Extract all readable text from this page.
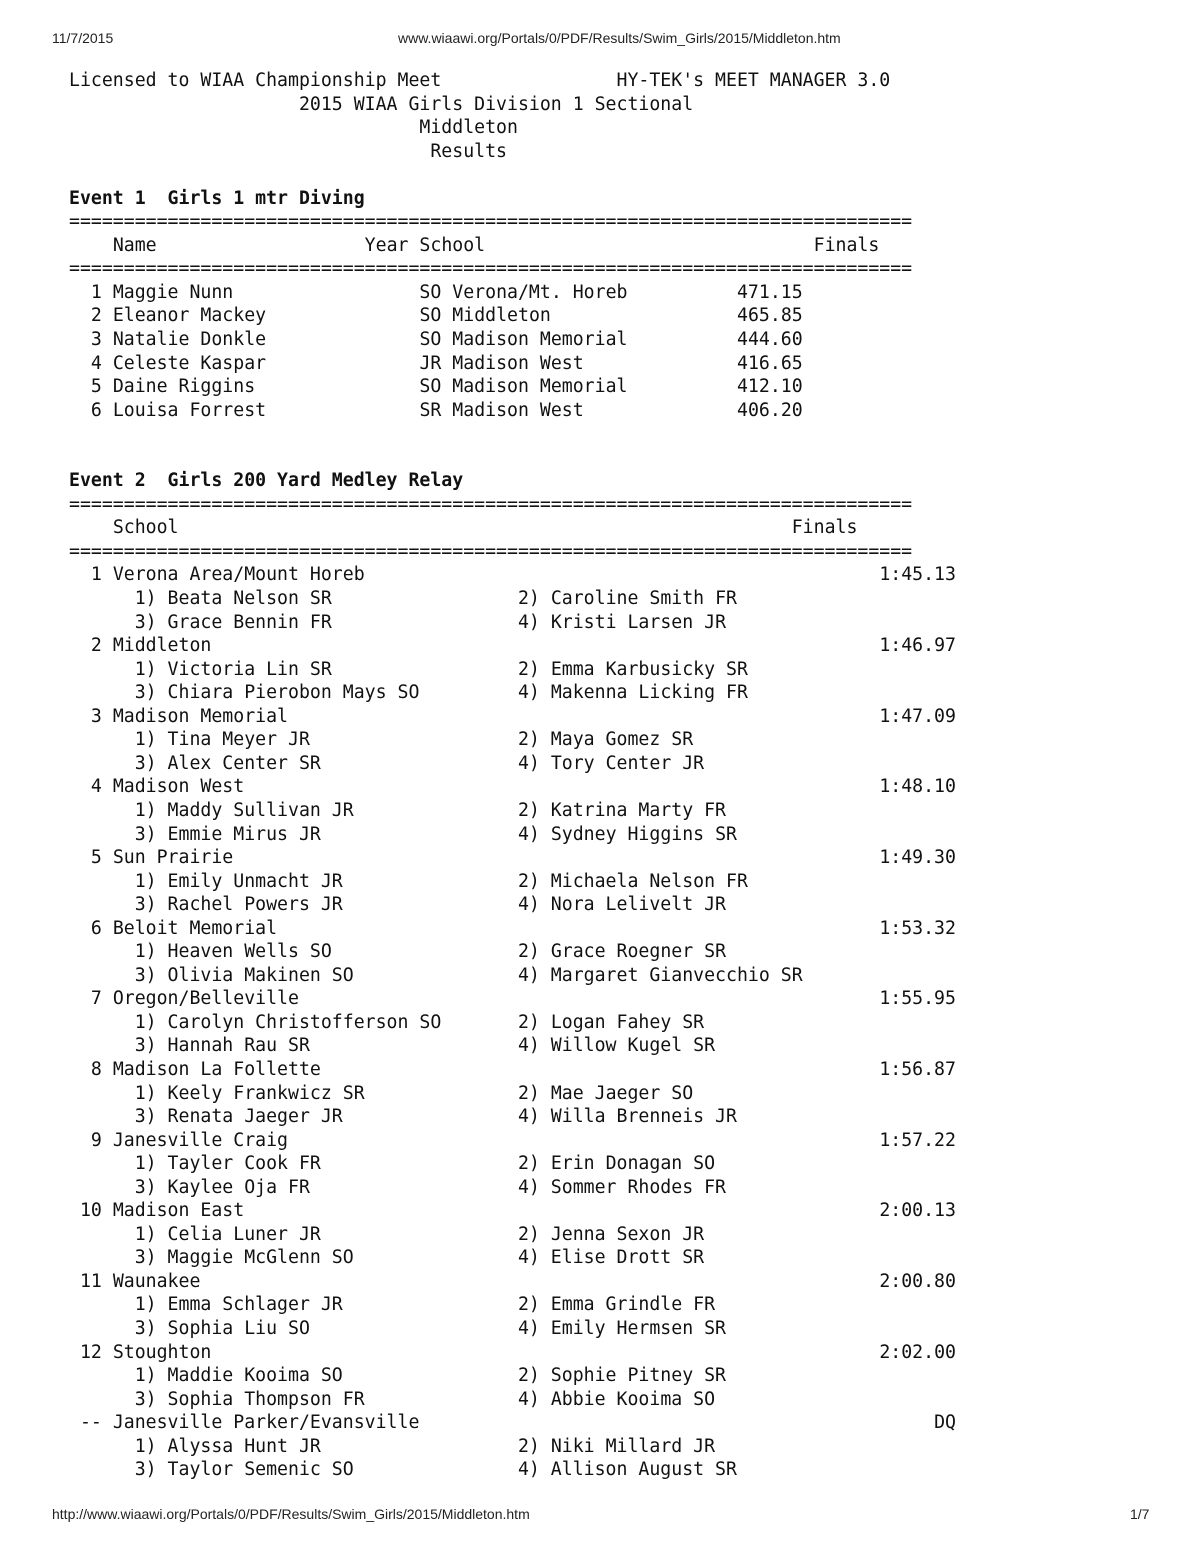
11/7/2015	www.wiaawi.org/Portals/0/PDF/Results/Swim_Girls/2015/Middleton.htm
Licensed to WIAA Championship Meet	HY-TEK's MEET MANAGER 3.0
2015 WIAA Girls Division 1 Sectional
Middleton
Results

Event 1  Girls 1 mtr Diving
=============================================================================
Name	Year School	Finals
=============================================================================
1 Maggie Nunn	SO Verona/Mt. Horeb	471.15
2 Eleanor Mackey	SO Middleton	465.85
3 Natalie Donkle	SO Madison Memorial	444.60
4 Celeste Kaspar	JR Madison West	416.65
5 Daine Riggins	SO Madison Memorial	412.10
6 Louisa Forrest	SR Madison West	406.20

Event 2  Girls 200 Yard Medley Relay
=============================================================================
School	Finals
=============================================================================
1 Verona Area/Mount Horeb	1:45.13
1) Beata Nelson SR	2) Caroline Smith FR
3) Grace Bennin FR	4) Kristi Larsen JR
2 Middleton	1:46.97
1) Victoria Lin SR	2) Emma Karbusicky SR
3) Chiara Pierobon Mays SO	4) Makenna Licking FR
3 Madison Memorial	1:47.09
1) Tina Meyer JR	2) Maya Gomez SR
3) Alex Center SR	4) Tory Center JR
4 Madison West	1:48.10
1) Maddy Sullivan JR	2) Katrina Marty FR
3) Emmie Mirus JR	4) Sydney Higgins SR
5 Sun Prairie	1:49.30
1) Emily Unmacht JR	2) Michaela Nelson FR
3) Rachel Powers JR	4) Nora Lelivelt JR
6 Beloit Memorial	1:53.32
1) Heaven Wells SO	2) Grace Roegner SR
3) Olivia Makinen SO	4) Margaret Gianvecchio SR
7 Oregon/Belleville	1:55.95
1) Carolyn Christofferson SO	2) Logan Fahey SR
3) Hannah Rau SR	4) Willow Kugel SR
8 Madison La Follette	1:56.87
1) Keely Frankwicz SR	2) Mae Jaeger SO
3) Renata Jaeger JR	4) Willa Brenneis JR
9 Janesville Craig	1:57.22
1) Tayler Cook FR	2) Erin Donagan SO
3) Kaylee Oja FR	4) Sommer Rhodes FR
10 Madison East	2:00.13
1) Celia Luner JR	2) Jenna Sexon JR
3) Maggie McGlenn SO	4) Elise Drott SR
11 Waunakee	2:00.80
1) Emma Schlager JR	2) Emma Grindle FR
3) Sophia Liu SO	4) Emily Hermsen SR
12 Stoughton	2:02.00
1) Maddie Kooima SO	2) Sophie Pitney SR
3) Sophia Thompson FR	4) Abbie Kooima SO
-- Janesville Parker/Evansville	DQ
1) Alyssa Hunt JR	2) Niki Millard JR
3) Taylor Semenic SO	4) Allison August SR

http://www.wiaawi.org/Portals/0/PDF/Results/Swim_Girls/2015/Middleton.htm	1/7
